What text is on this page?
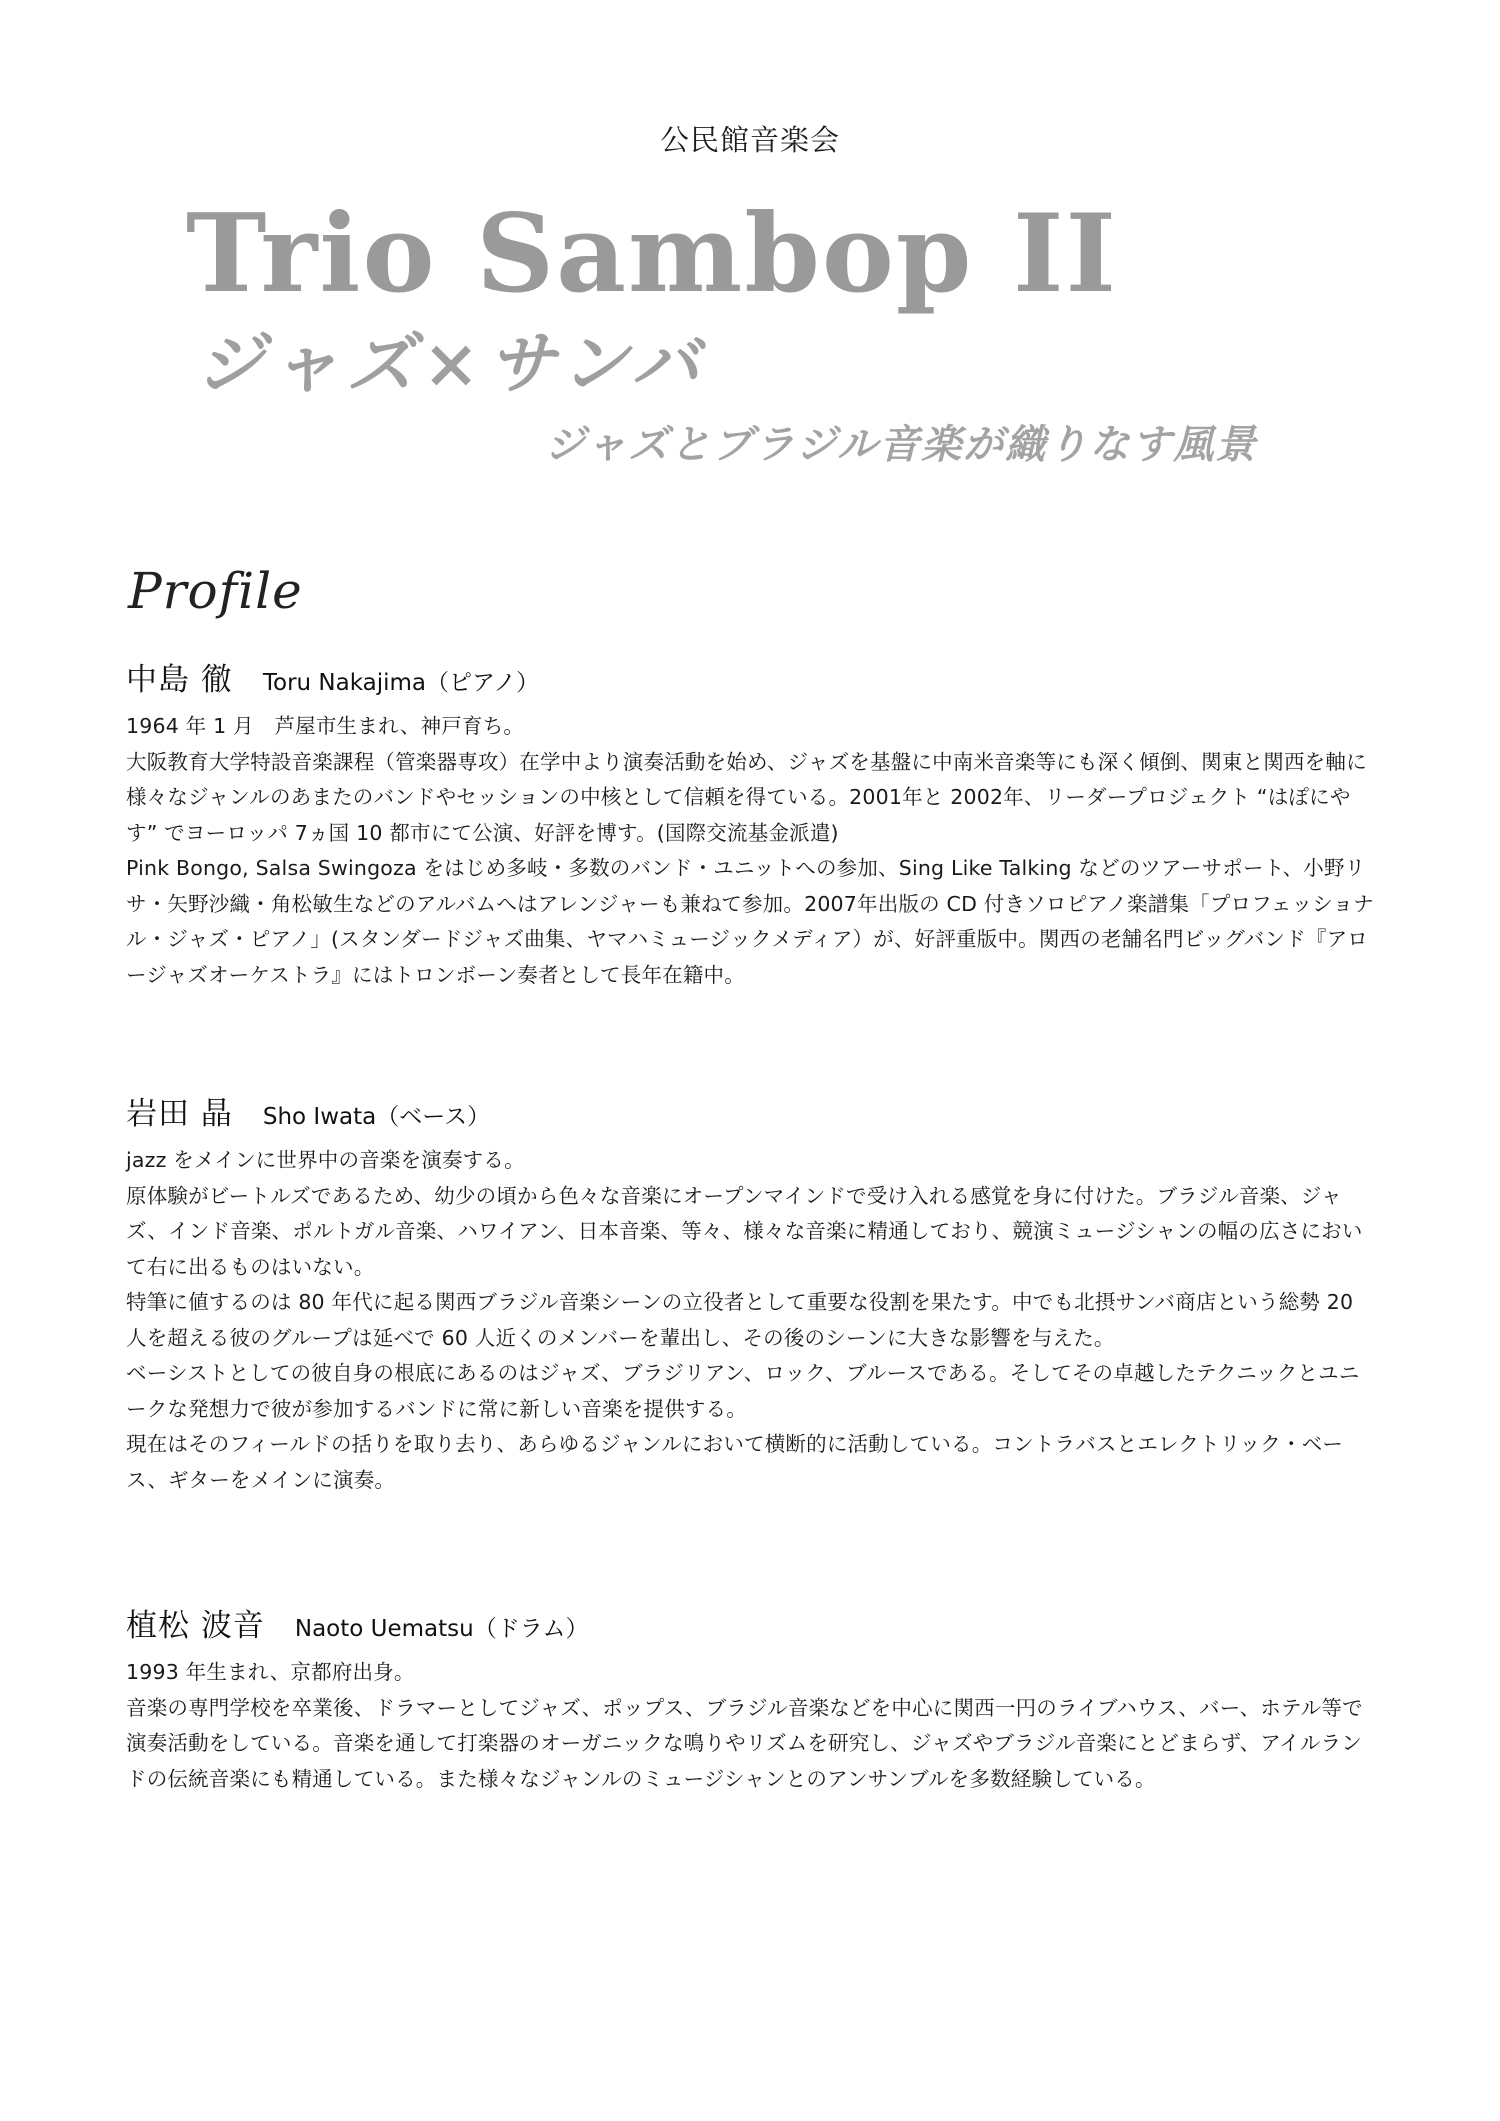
公民館音楽会
Trio Sambop II
ジャズ×サンバ
ジャズとブラジル音楽が織りなす風景
Profile
中島 徹 Toru Nakajima（ピアノ）

1964 年 1 月　芦屋市生まれ、神戸育ち。

大阪教育大学特設音楽課程（管楽器専攻）在学中より演奏活動を始め、ジャズを基盤に中南米音楽等にも深く傾倒、関東と関西を軸に様々なジャンルのあまたのバンドやセッションの中核として信頼を得ている。2001年と 2002年、リーダープロジェクト “はぽにやす” でヨーロッパ 7ヵ国 10 都市にて公演、好評を博す。(国際交流基金派遣)

Pink Bongo, Salsa Swingoza をはじめ多岐・多数のバンド・ユニットへの参加、Sing Like Talking などのツアーサポート、小野リサ・矢野沙織・角松敏生などのアルバムへはアレンジャーも兼ねて参加。2007年出版の CD 付きソロピアノ楽譜集「プロフェッショナル・ジャズ・ピアノ」(スタンダードジャズ曲集、ヤマハミュージックメディア）が、好評重版中。関西の老舗名門ビッグバンド『アロージャズオーケストラ』にはトロンボーン奏者として長年在籍中。

岩田 晶 Sho Iwata（ベース）

jazz をメインに世界中の音楽を演奏する。

原体験がビートルズであるため、幼少の頃から色々な音楽にオープンマインドで受け入れる感覚を身に付けた。ブラジル音楽、ジャズ、インド音楽、ポルトガル音楽、ハワイアン、日本音楽、等々、様々な音楽に精通しており、競演ミュージシャンの幅の広さにおいて右に出るものはいない。

特筆に値するのは 80 年代に起る関西ブラジル音楽シーンの立役者として重要な役割を果たす。中でも北摂サンバ商店という総勢 20 人を超える彼のグループは延べで 60 人近くのメンバーを輩出し、その後のシーンに大きな影響を与えた。

ベーシストとしての彼自身の根底にあるのはジャズ、ブラジリアン、ロック、ブルースである。そしてその卓越したテクニックとユニークな発想力で彼が参加するバンドに常に新しい音楽を提供する。

現在はそのフィールドの括りを取り去り、あらゆるジャンルにおいて横断的に活動している。コントラバスとエレクトリック・ベース、ギターをメインに演奏。

植松 波音 Naoto Uematsu（ドラム）

1993 年生まれ、京都府出身。

音楽の専門学校を卒業後、ドラマーとしてジャズ、ポップス、ブラジル音楽などを中心に関西一円のライブハウス、バー、ホテル等で演奏活動をしている。音楽を通して打楽器のオーガニックな鳴りやリズムを研究し、ジャズやブラジル音楽にとどまらず、アイルランドの伝統音楽にも精通している。また様々なジャンルのミュージシャンとのアンサンブルを多数経験している。
